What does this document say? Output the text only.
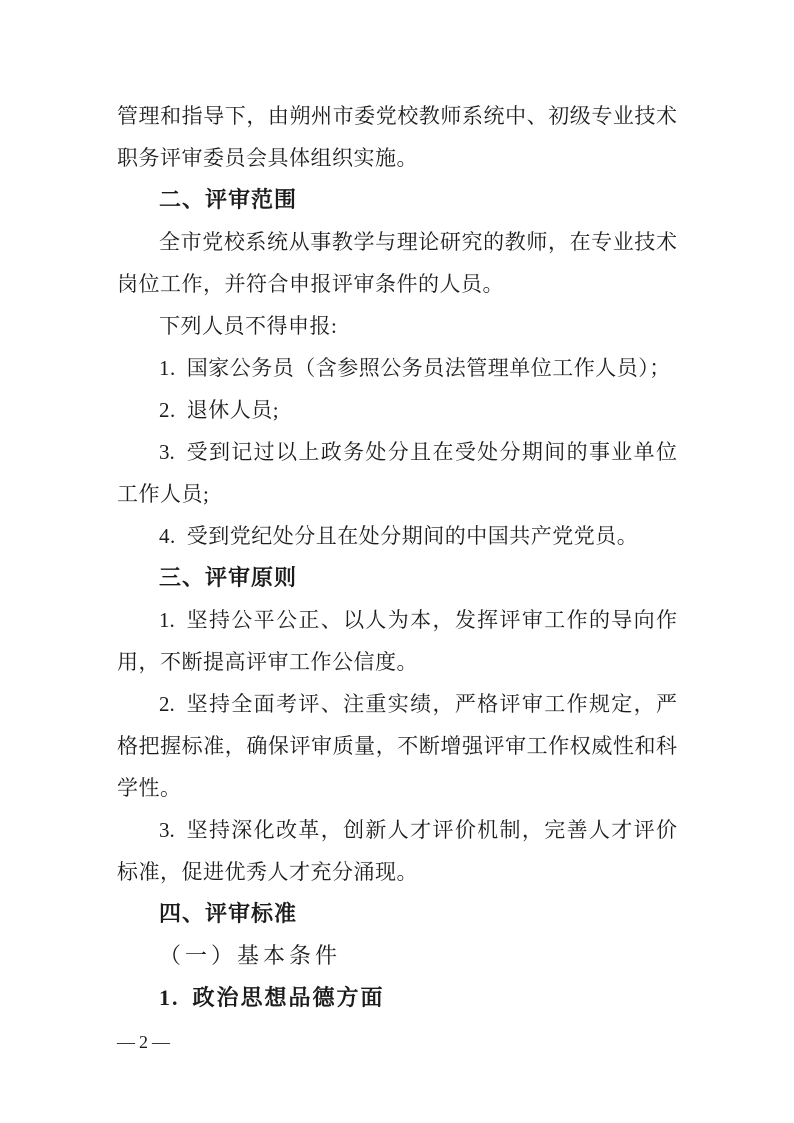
管理和指导下，由朔州市委党校教师系统中、初级专业技术
职务评审委员会具体组织实施。
二、评审范围
全市党校系统从事教学与理论研究的教师，在专业技术
岗位工作，并符合申报评审条件的人员。
下列人员不得申报:
1. 国家公务员（含参照公务员法管理单位工作人员）；
2. 退休人员;
3. 受到记过以上政务处分且在受处分期间的事业单位
工作人员;
4. 受到党纪处分且在处分期间的中国共产党党员。
三、评审原则
1. 坚持公平公正、以人为本，发挥评审工作的导向作
用，不断提高评审工作公信度。
2. 坚持全面考评、注重实绩，严格评审工作规定，严
格把握标准，确保评审质量，不断增强评审工作权威性和科
学性。
3. 坚持深化改革，创新人才评价机制，完善人才评价
标准，促进优秀人才充分涌现。
四、评审标准
（一）基本条件
1. 政治思想品德方面
—2—
